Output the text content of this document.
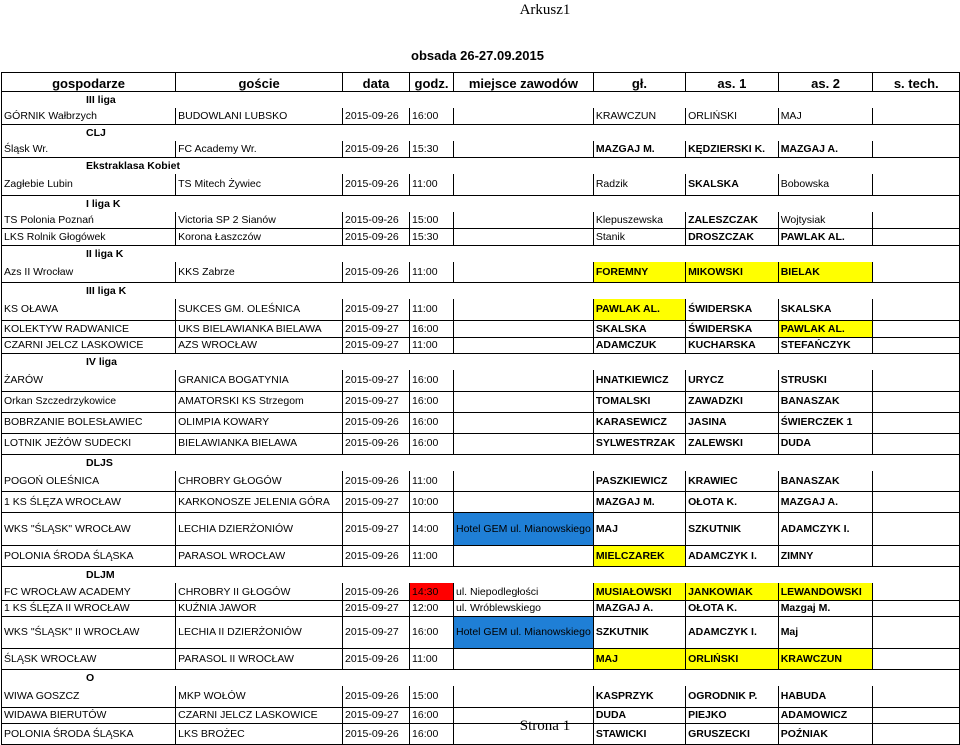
Arkusz1
obsada 26-27.09.2015
gospodarze	goście	data	godz.	miejsce zawodów	gł.	as. 1	as. 2	s. tech.
III liga								
GÓRNIK Wałbrzych	BUDOWLANI LUBSKO	2015-09-26	16:00		KRAWCZUN	ORLIŃSKI	MAJ	
CLJ								
Śląsk Wr.	FC Academy Wr.	2015-09-26	15:30		MAZGAJ M.	KĘDZIERSKI K.	MAZGAJ A.	
Ekstraklasa Kobiet								
Zagłebie Lubin	TS Mitech Żywiec	2015-09-26	11:00		Radzik	SKALSKA	Bobowska	
I liga K								
TS Polonia Poznań	Victoria SP 2 Sianów	2015-09-26	15:00		Klepuszewska	ZALESZCZAK	Wojtysiak	
LKS Rolnik Głogówek	Korona Łaszczów	2015-09-26	15:30		Stanik	DROSZCZAK	PAWLAK AL.	
II liga K								
Azs II Wrocław	KKS Zabrze	2015-09-26	11:00		FOREMNY	MIKOWSKI	BIELAK	
III liga K								
KS OŁAWA	SUKCES GM. OLEŚNICA	2015-09-27	11:00		PAWLAK AL.	ŚWIDERSKA	SKALSKA	
KOLEKTYW RADWANICE	UKS BIELAWIANKA BIELAWA	2015-09-27	16:00		SKALSKA	ŚWIDERSKA	PAWLAK AL.	
CZARNI JELCZ LASKOWICE	AZS WROCŁAW	2015-09-27	11:00		ADAMCZUK	KUCHARSKA	STEFAŃCZYK	
IV liga								
ŻARÓW	GRANICA BOGATYNIA	2015-09-27	16:00		HNATKIEWICZ	URYCZ	STRUSKI	
Orkan Szczedrzykowice	AMATORSKI KS Strzegom	2015-09-27	16:00		TOMALSKI	ZAWADZKI	BANASZAK	
BOBRZANIE BOLESŁAWIEC	OLIMPIA KOWARY	2015-09-26	16:00		KARASEWICZ	JASINA	ŚWIERCZEK 1	
LOTNIK JEŻÓW SUDECKI	BIELAWIANKA BIELAWA	2015-09-26	16:00		SYLWESTRZAK	ZALEWSKI	DUDA	
DLJS								
POGOŃ OLEŚNICA	CHROBRY GŁOGÓW	2015-09-26	11:00		PASZKIEWICZ	KRAWIEC	BANASZAK	
1 KS ŚLĘZA WROCŁAW	KARKONOSZE JELENIA GÓRA	2015-09-27	10:00		MAZGAJ M.	OŁOTA K.	MAZGAJ A.	
WKS "ŚLĄSK" WROCŁAW	LECHIA DZIERŻONIÓW	2015-09-27	14:00	Hotel GEM ul. Mianowskiego	MAJ	SZKUTNIK	ADAMCZYK I.	
POLONIA ŚRODA ŚLĄSKA	PARASOL WROCŁAW	2015-09-26	11:00		MIELCZAREK	ADAMCZYK I.	ZIMNY	
DLJM								
FC WROCŁAW ACADEMY	CHROBRY II GŁOGÓW	2015-09-26	14:30	ul. Niepodległości	MUSIAŁOWSKI	JANKOWIAK	LEWANDOWSKI	
1 KS ŚLĘZA II WROCŁAW	KUŹNIA JAWOR	2015-09-27	12:00	ul. Wróblewskiego	MAZGAJ A.	OŁOTA K.	Mazgaj M.	
WKS "ŚLĄSK" II WROCŁAW	LECHIA II DZIERŻONIÓW	2015-09-27	16:00	Hotel GEM ul. Mianowskiego	SZKUTNIK	ADAMCZYK I.	Maj	
ŚLĄSK WROCŁAW	PARASOL II WROCŁAW	2015-09-26	11:00		MAJ	ORLIŃSKI	KRAWCZUN	
O								
WIWA GOSZCZ	MKP WOŁÓW	2015-09-26	15:00		KASPRZYK	OGRODNIK P.	HABUDA	
WIDAWA BIERUTÓW	CZARNI JELCZ LASKOWICE	2015-09-27	16:00		DUDA	PIEJKO	ADAMOWICZ	
POLONIA ŚRODA ŚLĄSKA	LKS BROŻEC	2015-09-26	16:00		STAWICKI	GRUSZECKI	POŹNIAK	
Strona 1
